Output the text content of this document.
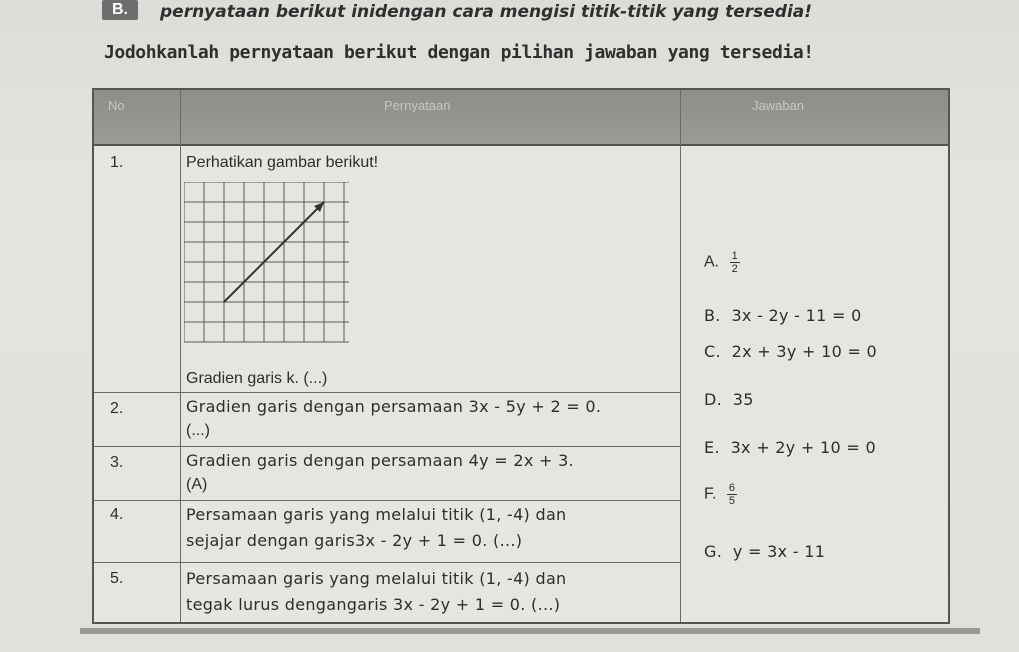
B.	pernyataan berikut inidengan cara mengisi titik-titik yang tersedia!
Jodohkanlah pernyataan berikut dengan pilihan jawaban yang tersedia!
No	Pernyataan	Jawaban
1.	Perhatikan gambar berikut!
Gradien garis k. (...)
2.	Gradien garis dengan persamaan 3x - 5y + 2 = 0.
(...)
3.	Gradien garis dengan persamaan 4y = 2x + 3.
(A)
4.	Persamaan garis yang melalui titik (1, -4) dan
sejajar dengan garis3x - 2y + 1 = 0. (...)
5.	Persamaan garis yang melalui titik (1, -4) dan
tegak lurus dengangaris 3x - 2y + 1 = 0. (...)
A. $\frac{1}{2}$
B. 3x - 2y - 11 = 0
C. 2x + 3y + 10 = 0
D. 35
E. 3x + 2y + 10 = 0
F. $\frac{6}{5}$
G. y = 3x - 11
